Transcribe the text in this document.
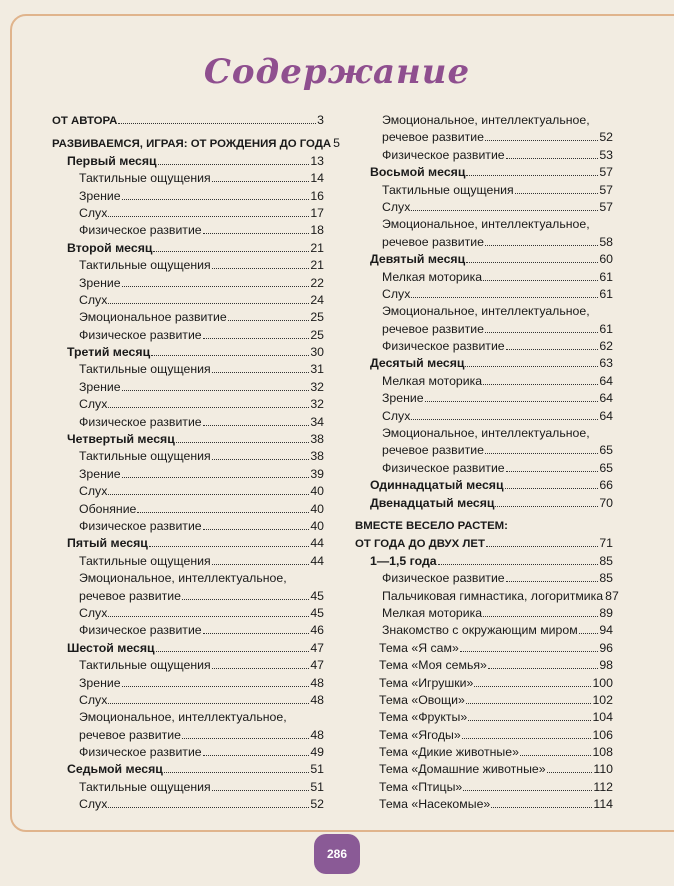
Содержание
ОТ АВТОРА	3
РАЗВИВАЕМСЯ, ИГРАЯ: ОТ РОЖДЕНИЯ ДО ГОДА 5
Первый месяц	13
Тактильные ощущения	14
Зрение	16
Слух	17
Физическое развитие	18
Второй месяц	21
Тактильные ощущения	21
Зрение	22
Слух	24
Эмоциональное развитие	25
Физическое развитие	25
Третий месяц	30
Тактильные ощущения	31
Зрение	32
Слух	32
Физическое развитие	34
Четвертый месяц	38
Тактильные ощущения	38
Зрение	39
Слух	40
Обоняние	40
Физическое развитие	40
Пятый месяц	44
Тактильные ощущения	44
Эмоциональное, интеллектуальное,
речевое развитие	45
Слух	45
Физическое развитие	46
Шестой месяц	47
Тактильные ощущения	47
Зрение	48
Слух	48
Эмоциональное, интеллектуальное,
речевое развитие	48
Физическое развитие	49
Седьмой месяц	51
Тактильные ощущения	51
Слух	52
Эмоциональное, интеллектуальное,
речевое развитие	52
Физическое развитие	53
Восьмой месяц	57
Тактильные ощущения	57
Слух	57
Эмоциональное, интеллектуальное,
речевое развитие	58
Девятый месяц	60
Мелкая моторика	61
Слух	61
Эмоциональное, интеллектуальное,
речевое развитие	61
Физическое развитие	62
Десятый месяц	63
Мелкая моторика	64
Зрение	64
Слух	64
Эмоциональное, интеллектуальное,
речевое развитие	65
Физическое развитие	65
Одиннадцатый месяц	66
Двенадцатый месяц	70
ВМЕСТЕ ВЕСЕЛО РАСТЕМ:
ОТ ГОДА ДО ДВУХ ЛЕТ	71
1—1,5 года	85
Физическое развитие	85
Пальчиковая гимнастика, логоритмика 87
Мелкая моторика	89
Знакомство с окружающим миром 94
Тема «Я сам»	96
Тема «Моя семья»	98
Тема «Игрушки»	100
Тема «Овощи»	102
Тема «Фрукты»	104
Тема «Ягоды»	106
Тема «Дикие животные»	108
Тема «Домашние животные»	110
Тема «Птицы»	112
Тема «Насекомые»	114
286
